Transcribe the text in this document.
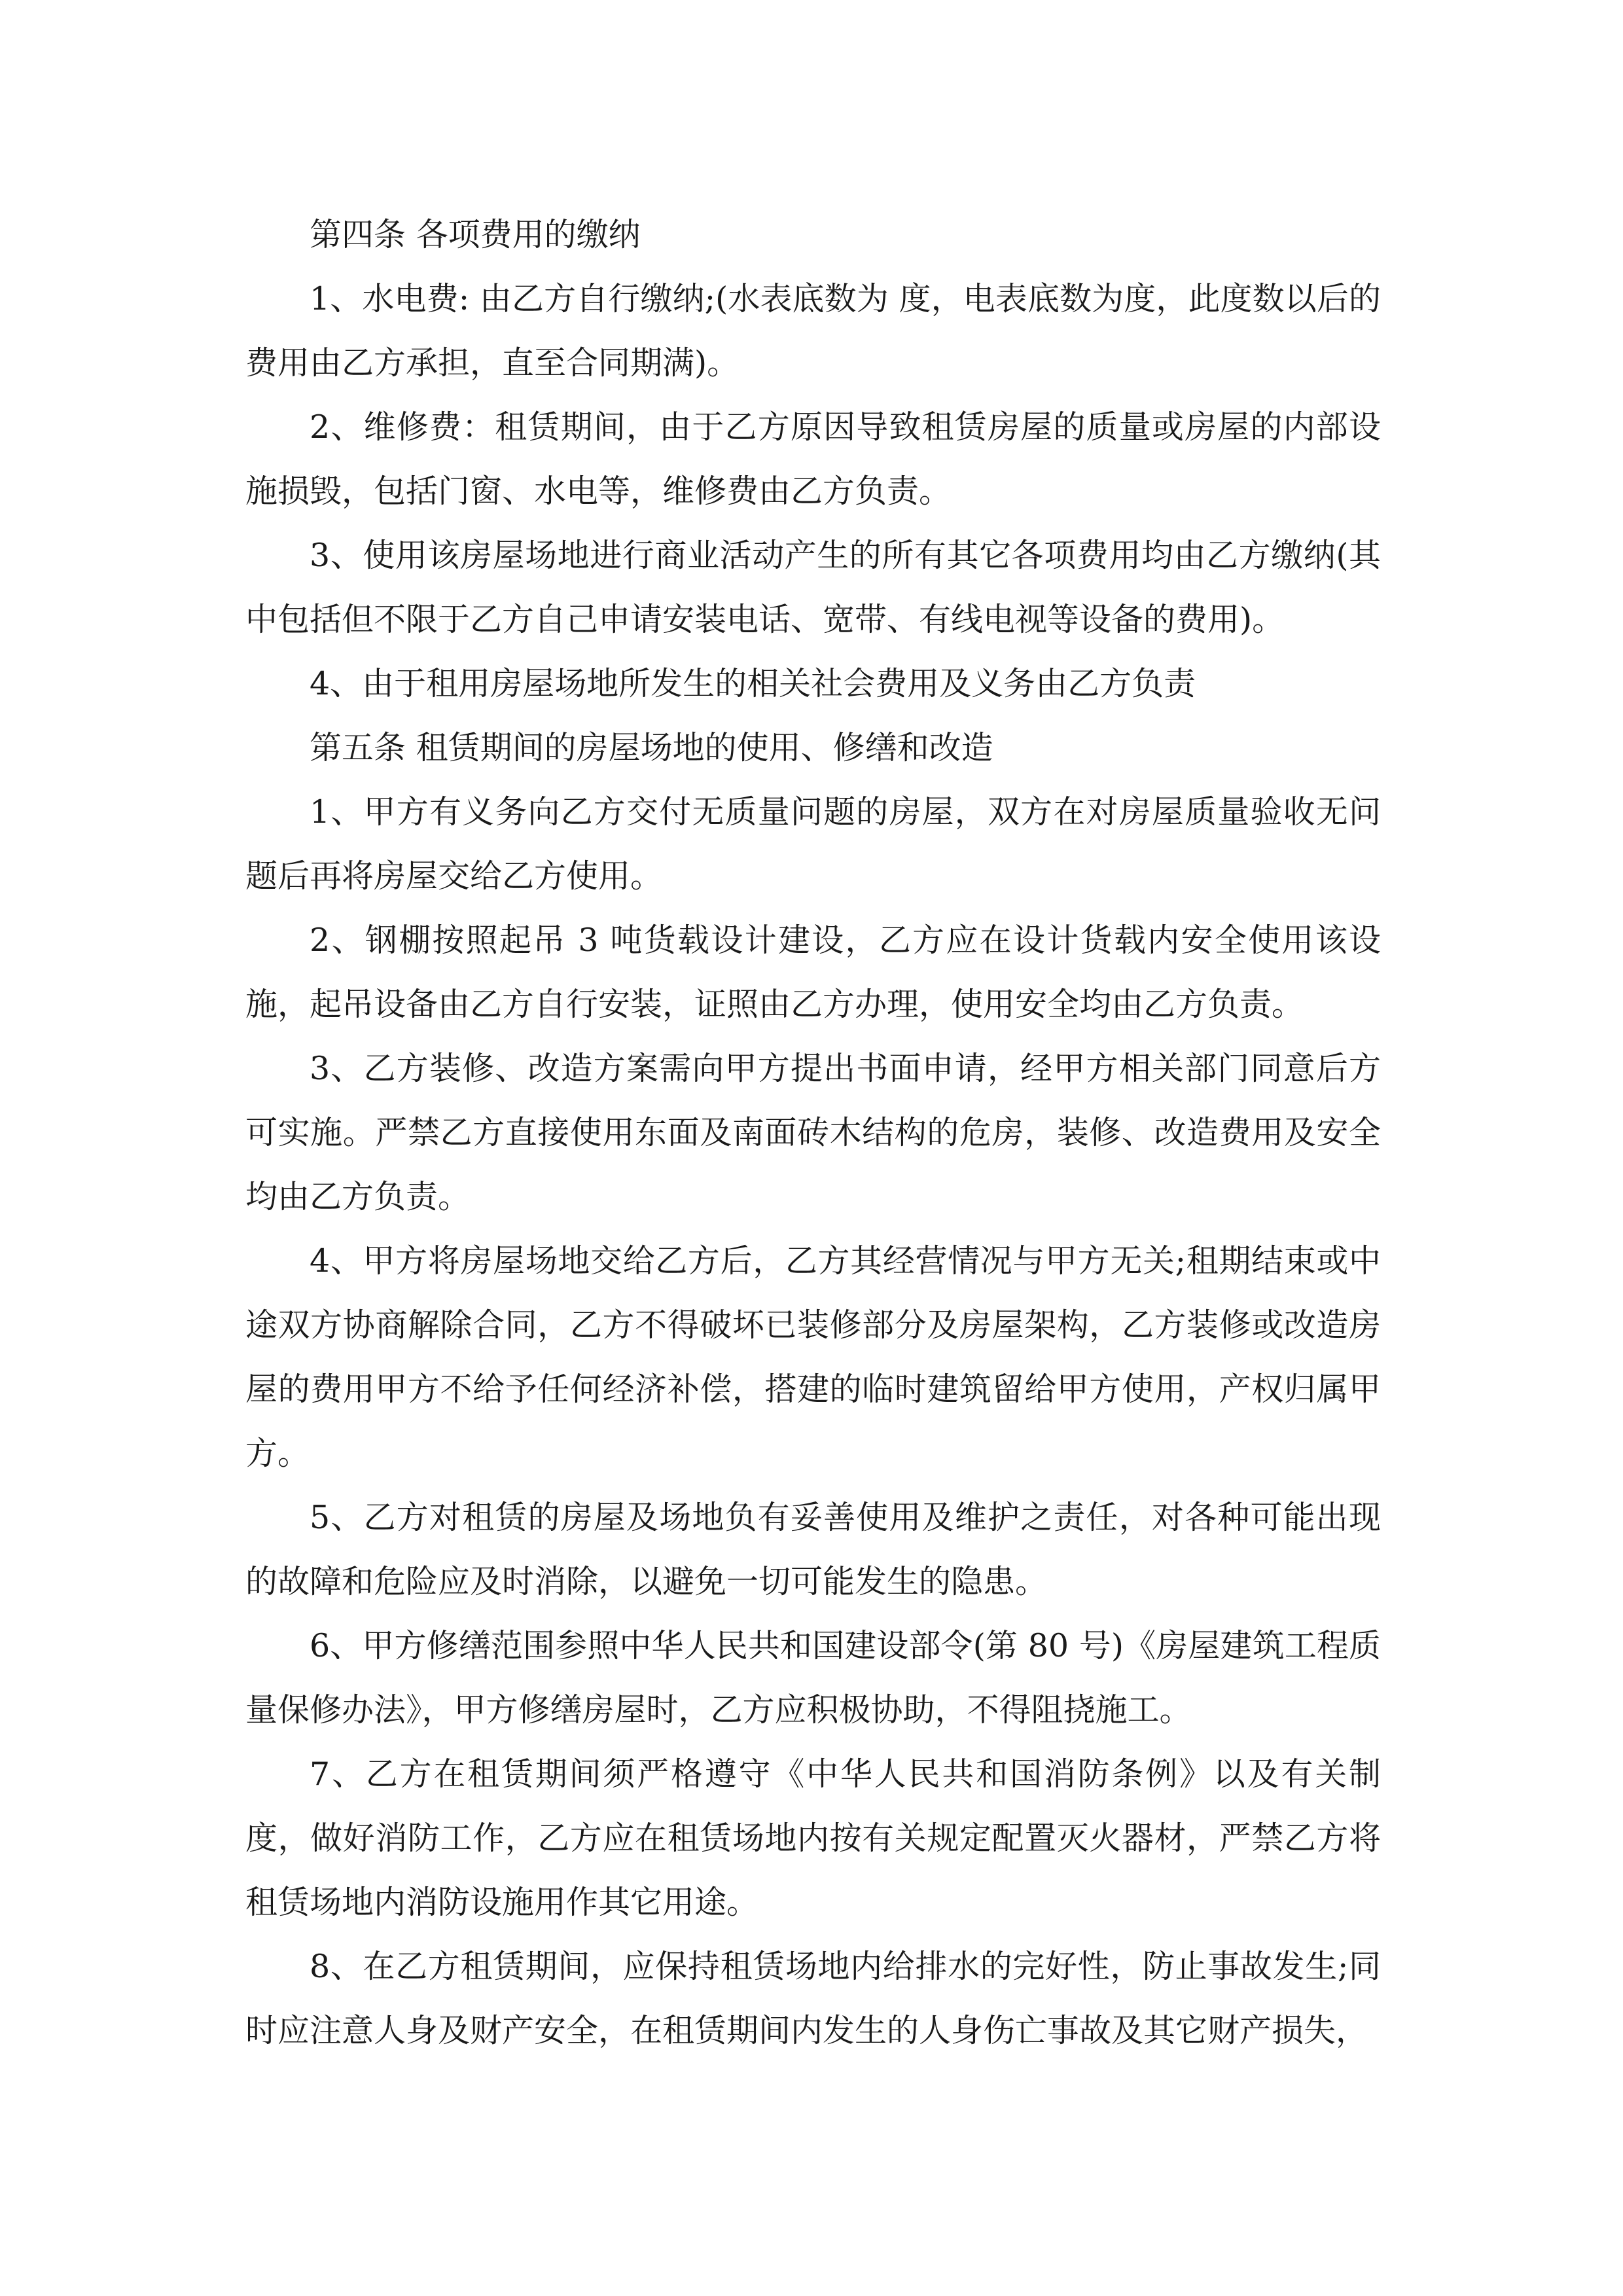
第四条 各项费用的缴纳

1、水电费: 由乙方自行缴纳;(水表底数为 度，电表底数为度，此度数以后的费用由乙方承担，直至合同期满)。

2、维修费：租赁期间，由于乙方原因导致租赁房屋的质量或房屋的内部设施损毁，包括门窗、水电等，维修费由乙方负责。

3、使用该房屋场地进行商业活动产生的所有其它各项费用均由乙方缴纳(其中包括但不限于乙方自己申请安装电话、宽带、有线电视等设备的费用)。

4、由于租用房屋场地所发生的相关社会费用及义务由乙方负责

第五条 租赁期间的房屋场地的使用、修缮和改造

1、甲方有义务向乙方交付无质量问题的房屋，双方在对房屋质量验收无问题后再将房屋交给乙方使用。

2、钢棚按照起吊 3 吨货载设计建设，乙方应在设计货载内安全使用该设施，起吊设备由乙方自行安装，证照由乙方办理，使用安全均由乙方负责。

3、乙方装修、改造方案需向甲方提出书面申请，经甲方相关部门同意后方可实施。严禁乙方直接使用东面及南面砖木结构的危房，装修、改造费用及安全均由乙方负责。

4、甲方将房屋场地交给乙方后，乙方其经营情况与甲方无关;租期结束或中途双方协商解除合同，乙方不得破坏已装修部分及房屋架构，乙方装修或改造房屋的费用甲方不给予任何经济补偿，搭建的临时建筑留给甲方使用，产权归属甲方。

5、乙方对租赁的房屋及场地负有妥善使用及维护之责任，对各种可能出现的故障和危险应及时消除，以避免一切可能发生的隐患。

6、甲方修缮范围参照中华人民共和国建设部令(第 80 号)《房屋建筑工程质量保修办法》，甲方修缮房屋时，乙方应积极协助，不得阻挠施工。

7、乙方在租赁期间须严格遵守《中华人民共和国消防条例》以及有关制度，做好消防工作，乙方应在租赁场地内按有关规定配置灭火器材，严禁乙方将租赁场地内消防设施用作其它用途。

8、在乙方租赁期间，应保持租赁场地内给排水的完好性，防止事故发生;同时应注意人身及财产安全，在租赁期间内发生的人身伤亡事故及其它财产损失，
